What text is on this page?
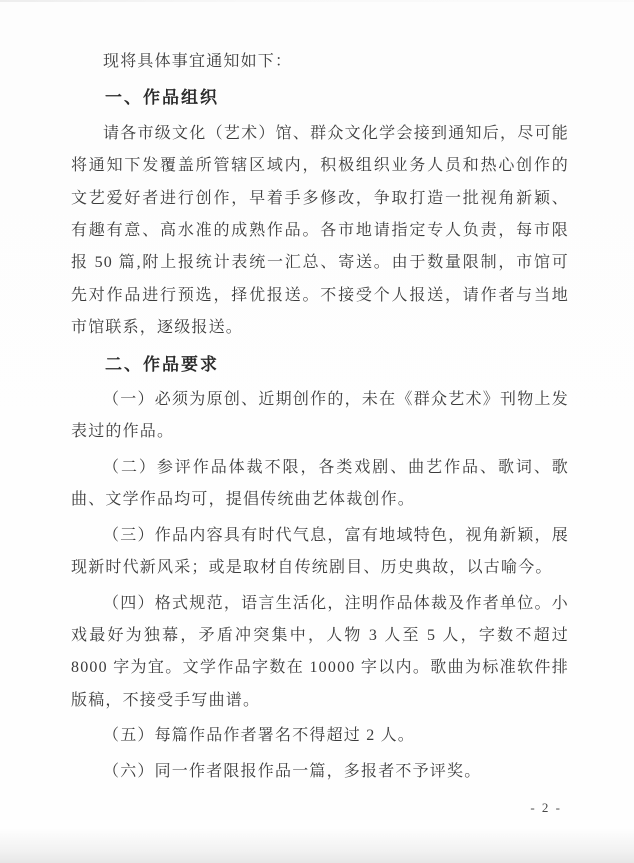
现将具体事宜通知如下：

一、作品组织

请各市级文化（艺术）馆、群众文化学会接到通知后，尽可能将通知下发覆盖所管辖区域内，积极组织业务人员和热心创作的文艺爱好者进行创作，早着手多修改，争取打造一批视角新颖、有趣有意、高水准的成熟作品。各市地请指定专人负责，每市限报 50 篇,附上报统计表统一汇总、寄送。由于数量限制，市馆可先对作品进行预选，择优报送。不接受个人报送，请作者与当地市馆联系，逐级报送。

二、作品要求

（一）必须为原创、近期创作的，未在《群众艺术》刊物上发表过的作品。

（二）参评作品体裁不限，各类戏剧、曲艺作品、歌词、歌曲、文学作品均可，提倡传统曲艺体裁创作。

（三）作品内容具有时代气息，富有地域特色，视角新颖，展现新时代新风采；或是取材自传统剧目、历史典故，以古喻今。

（四）格式规范，语言生活化，注明作品体裁及作者单位。小戏最好为独幕，矛盾冲突集中，人物 3 人至 5 人，字数不超过 8000 字为宜。文学作品字数在 10000 字以内。歌曲为标准软件排版稿，不接受手写曲谱。

（五）每篇作品作者署名不得超过 2 人。

（六）同一作者限报作品一篇，多报者不予评奖。

- 2 -
